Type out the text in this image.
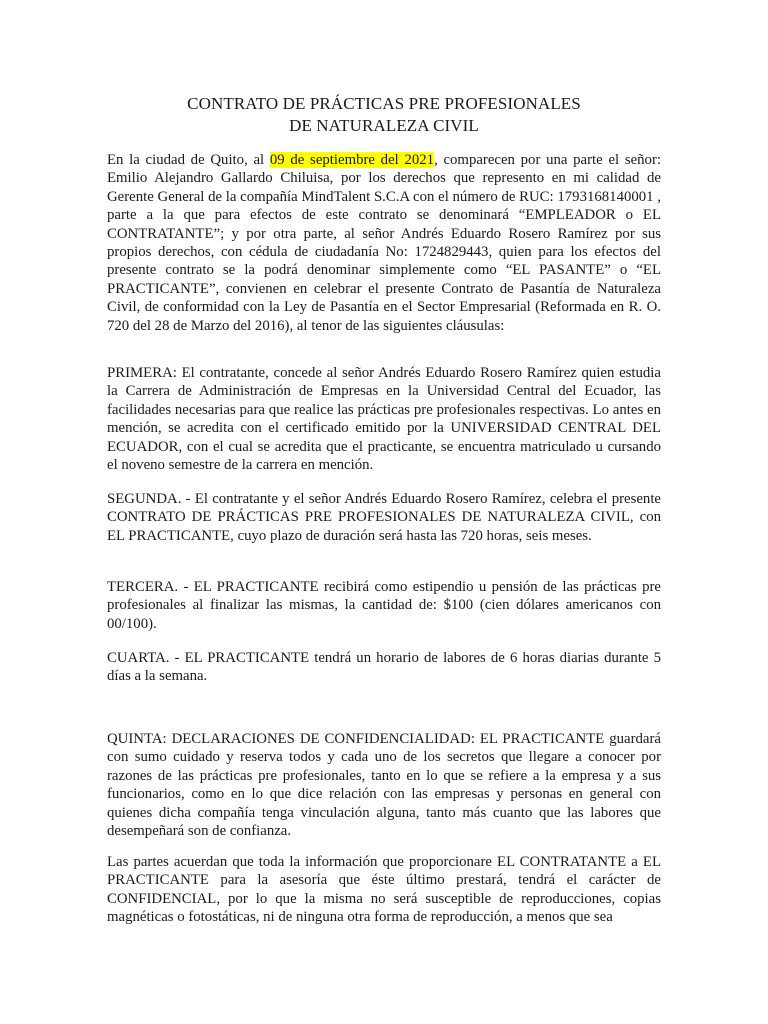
CONTRATO DE PRÁCTICAS PRE PROFESIONALES
DE NATURALEZA CIVIL

En la ciudad de Quito, al 09 de septiembre del 2021, comparecen por una parte el señor: Emilio Alejandro Gallardo Chiluisa, por los derechos que represento en mi calidad de Gerente General de la compañía MindTalent S.C.A con el número de RUC: 1793168140001 , parte a la que para efectos de este contrato se denominará “EMPLEADOR o EL CONTRATANTE”; y por otra parte, al señor Andrés Eduardo Rosero Ramírez por sus propios derechos, con cédula de ciudadanía No: 1724829443, quien para los efectos del presente contrato se la podrá denominar simplemente como “EL PASANTE” o “EL PRACTICANTE”, convienen en celebrar el presente Contrato de Pasantía de Naturaleza Civil, de conformidad con la Ley de Pasantía en el Sector Empresarial (Reformada en R. O. 720 del 28 de Marzo del 2016), al tenor de las siguientes cláusulas:

PRIMERA: El contratante, concede al señor Andrés Eduardo Rosero Ramírez quien estudia la Carrera de Administración de Empresas en la Universidad Central del Ecuador, las facilidades necesarias para que realice las prácticas pre profesionales respectivas. Lo antes en mención, se acredita con el certificado emitido por la UNIVERSIDAD CENTRAL DEL ECUADOR, con el cual se acredita que el practicante, se encuentra matriculado u cursando el noveno semestre de la carrera en mención.

SEGUNDA. - El contratante y el señor Andrés Eduardo Rosero Ramírez, celebra el presente CONTRATO DE PRÁCTICAS PRE PROFESIONALES DE NATURALEZA CIVIL, con EL PRACTICANTE, cuyo plazo de duración será hasta las 720 horas, seis meses.

TERCERA. - EL PRACTICANTE recibirá como estipendio u pensión de las prácticas pre profesionales al finalizar las mismas, la cantidad de: $100 (cien dólares americanos con 00/100).

CUARTA. - EL PRACTICANTE tendrá un horario de labores de 6 horas diarias durante 5 días a la semana.

QUINTA: DECLARACIONES DE CONFIDENCIALIDAD: EL PRACTICANTE guardará con sumo cuidado y reserva todos y cada uno de los secretos que llegare a conocer por razones de las prácticas pre profesionales, tanto en lo que se refiere a la empresa y a sus funcionarios, como en lo que dice relación con las empresas y personas en general con quienes dicha compañía tenga vinculación alguna, tanto más cuanto que las labores que desempeñará son de confianza.

Las partes acuerdan que toda la información que proporcionare EL CONTRATANTE a EL PRACTICANTE para la asesoría que éste último prestará, tendrá el carácter de CONFIDENCIAL, por lo que la misma no será susceptible de reproducciones, copias magnéticas o fotostáticas, ni de ninguna otra forma de reproducción, a menos que sea
